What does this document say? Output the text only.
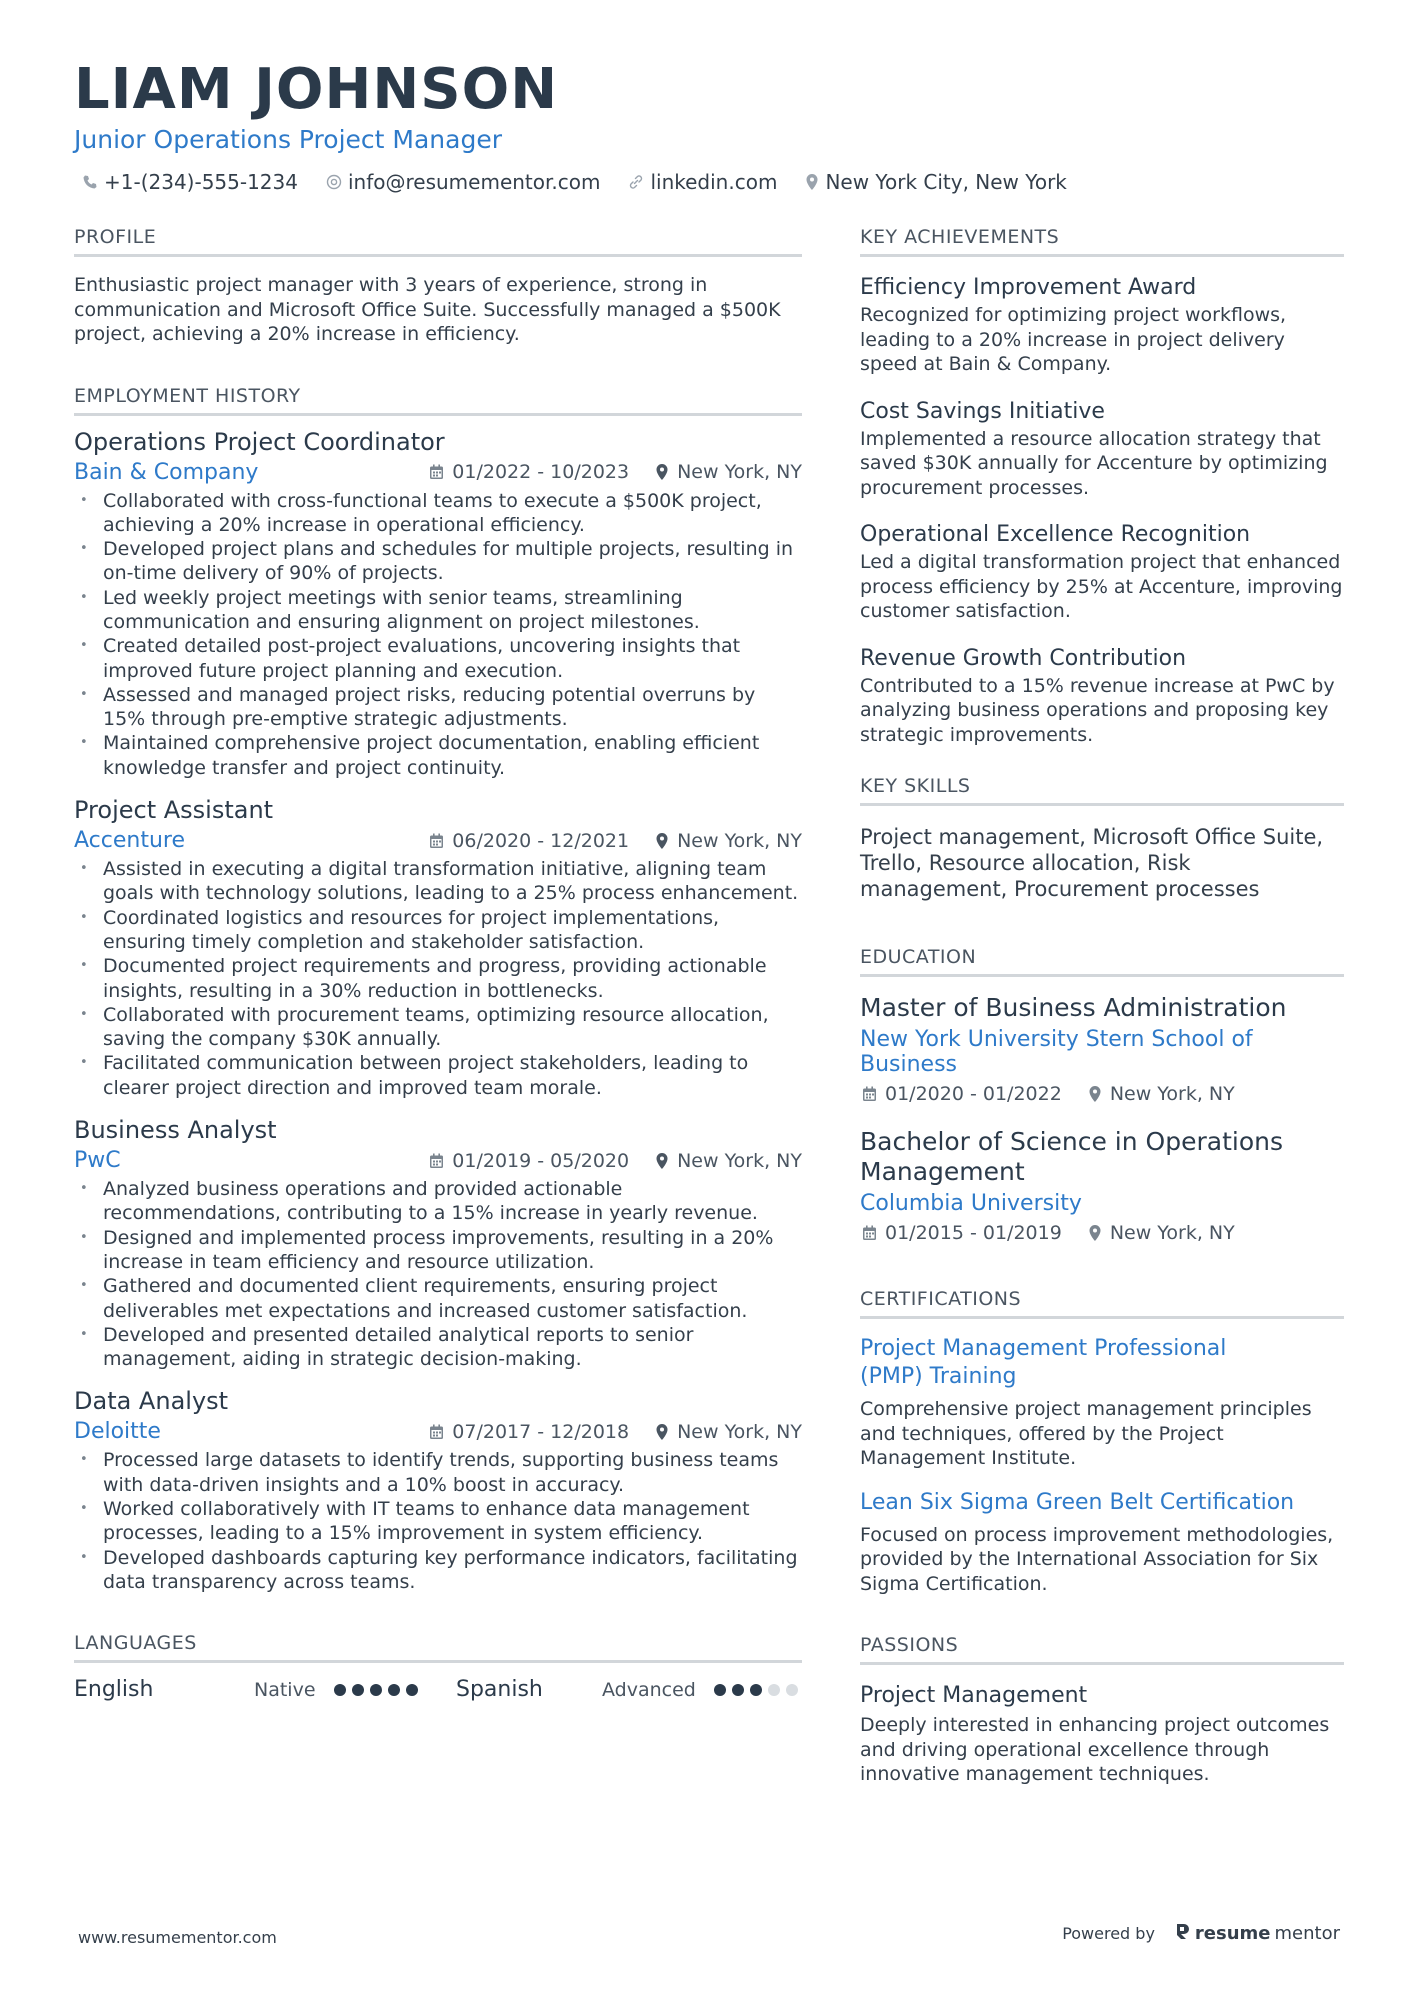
LIAM JOHNSON
Junior Operations Project Manager
+1-(234)-555-1234	info@resumementor.com	linkedin.com New York City, New York
PROFILE
Enthusiastic project manager with 3 years of experience, strong in communication and Microsoft Office Suite. Successfully managed a $500K project, achieving a 20% increase in efficiency.
EMPLOYMENT HISTORY
Operations Project Coordinator
Bain & Company	01/2022 - 10/2023	New York, NY
• Collaborated with cross-functional teams to execute a $500K project, achieving a 20% increase in operational efficiency.
• Developed project plans and schedules for multiple projects, resulting in on-time delivery of 90% of projects.
• Led weekly project meetings with senior teams, streamlining communication and ensuring alignment on project milestones.
• Created detailed post-project evaluations, uncovering insights that improved future project planning and execution.
• Assessed and managed project risks, reducing potential overruns by 15% through pre-emptive strategic adjustments.
• Maintained comprehensive project documentation, enabling efficient knowledge transfer and project continuity.
Project Assistant
Accenture	06/2020 - 12/2021	New York, NY
• Assisted in executing a digital transformation initiative, aligning team goals with technology solutions, leading to a 25% process enhancement.
• Coordinated logistics and resources for project implementations, ensuring timely completion and stakeholder satisfaction.
• Documented project requirements and progress, providing actionable insights, resulting in a 30% reduction in bottlenecks.
• Collaborated with procurement teams, optimizing resource allocation, saving the company $30K annually.
• Facilitated communication between project stakeholders, leading to clearer project direction and improved team morale.
Business Analyst
PwC	01/2019 - 05/2020	New York, NY
• Analyzed business operations and provided actionable recommendations, contributing to a 15% increase in yearly revenue.
• Designed and implemented process improvements, resulting in a 20% increase in team efficiency and resource utilization.
• Gathered and documented client requirements, ensuring project deliverables met expectations and increased customer satisfaction.
• Developed and presented detailed analytical reports to senior management, aiding in strategic decision-making.
Data Analyst
Deloitte	07/2017 - 12/2018	New York, NY
• Processed large datasets to identify trends, supporting business teams with data-driven insights and a 10% boost in accuracy.
• Worked collaboratively with IT teams to enhance data management processes, leading to a 15% improvement in system efficiency.
• Developed dashboards capturing key performance indicators, facilitating data transparency across teams.
LANGUAGES
English	Native	Spanish	Advanced
KEY ACHIEVEMENTS
Efficiency Improvement Award
Recognized for optimizing project workflows, leading to a 20% increase in project delivery speed at Bain & Company.
Cost Savings Initiative
Implemented a resource allocation strategy that saved $30K annually for Accenture by optimizing procurement processes.
Operational Excellence Recognition
Led a digital transformation project that enhanced process efficiency by 25% at Accenture, improving customer satisfaction.
Revenue Growth Contribution
Contributed to a 15% revenue increase at PwC by analyzing business operations and proposing key strategic improvements.
KEY SKILLS
Project management, Microsoft Office Suite, Trello, Resource allocation, Risk management, Procurement processes
EDUCATION
Master of Business Administration
New York University Stern School of Business
01/2020 - 01/2022	New York, NY
Bachelor of Science in Operations Management
Columbia University
01/2015 - 01/2019	New York, NY
CERTIFICATIONS
Project Management Professional (PMP) Training
Comprehensive project management principles and techniques, offered by the Project Management Institute.
Lean Six Sigma Green Belt Certification
Focused on process improvement methodologies, provided by the International Association for Six Sigma Certification.
PASSIONS
Project Management
Deeply interested in enhancing project outcomes and driving operational excellence through innovative management techniques.
www.resumementor.com	Powered by resume mentor
